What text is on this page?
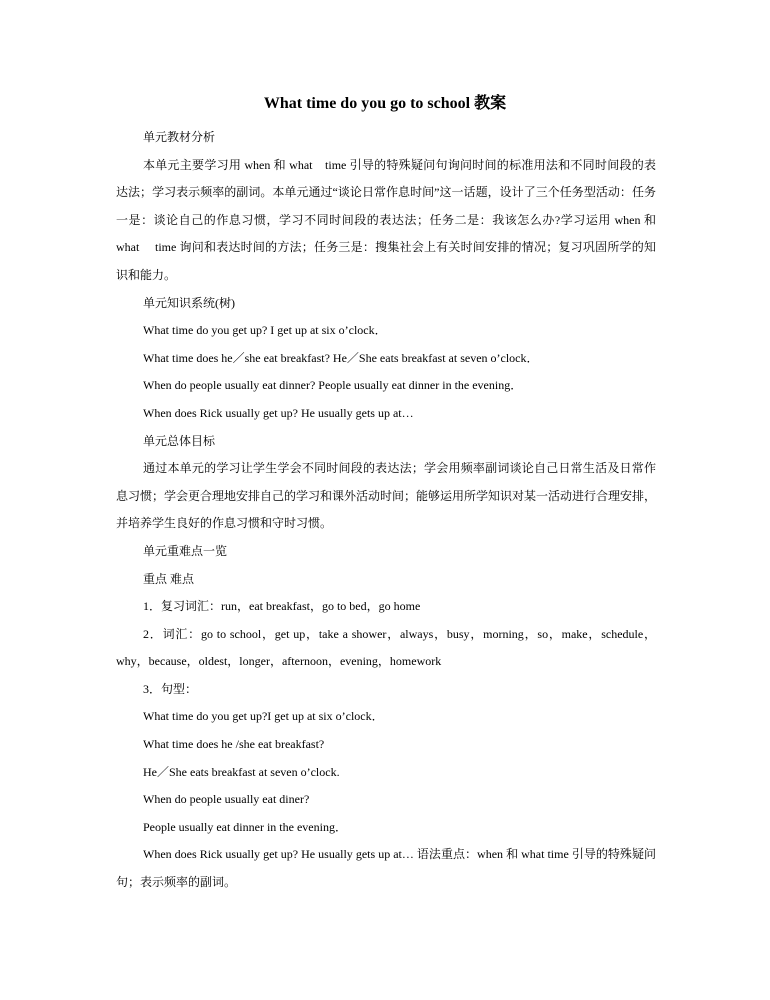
What time do you go to school 教案

单元教材分析

本单元主要学习用 when 和 what　time 引导的特殊疑问句询问时间的标准用法和不同时间段的表达法；学习表示频率的副词。本单元通过“谈论日常作息时间”这一话题，设计了三个任务型活动：任务一是：谈论自己的作息习惯，学习不同时间段的表达法；任务二是：我该怎么办?学习运用 when 和 what　 time 询问和表达时间的方法；任务三是：搜集社会上有关时间安排的情况；复习巩固所学的知识和能力。

单元知识系统(树)

What time do you get up? I get up at six o’clock．

What time does he／she eat breakfast? He／She eats breakfast at seven o’clock．

When do people usually eat dinner? People usually eat dinner in the evening．

When does Rick usually get up? He usually gets up at…

单元总体目标

通过本单元的学习让学生学会不同时间段的表达法；学会用频率副词谈论自己日常生活及日常作息习惯；学会更合理地安排自己的学习和课外活动时间；能够运用所学知识对某一活动进行合理安排，并培养学生良好的作息习惯和守时习惯。

单元重难点一览

重点 难点

1．复习词汇：run，eat breakfast，go to bed，go home

2．词汇：go to school，get up，take a shower，always，busy，morning，so，make，schedule，why，because，oldest，longer，afternoon，evening，homework

3．句型：

What time do you get up?I get up at six o’clock．

What time does he /she eat breakfast?

He／She eats breakfast at seven o’clock.

When do people usually eat diner?

People usually eat dinner in the evening．

When does Rick usually get up? He usually gets up at… 语法重点：when 和 what time 引导的特殊疑问句；表示频率的副词。
